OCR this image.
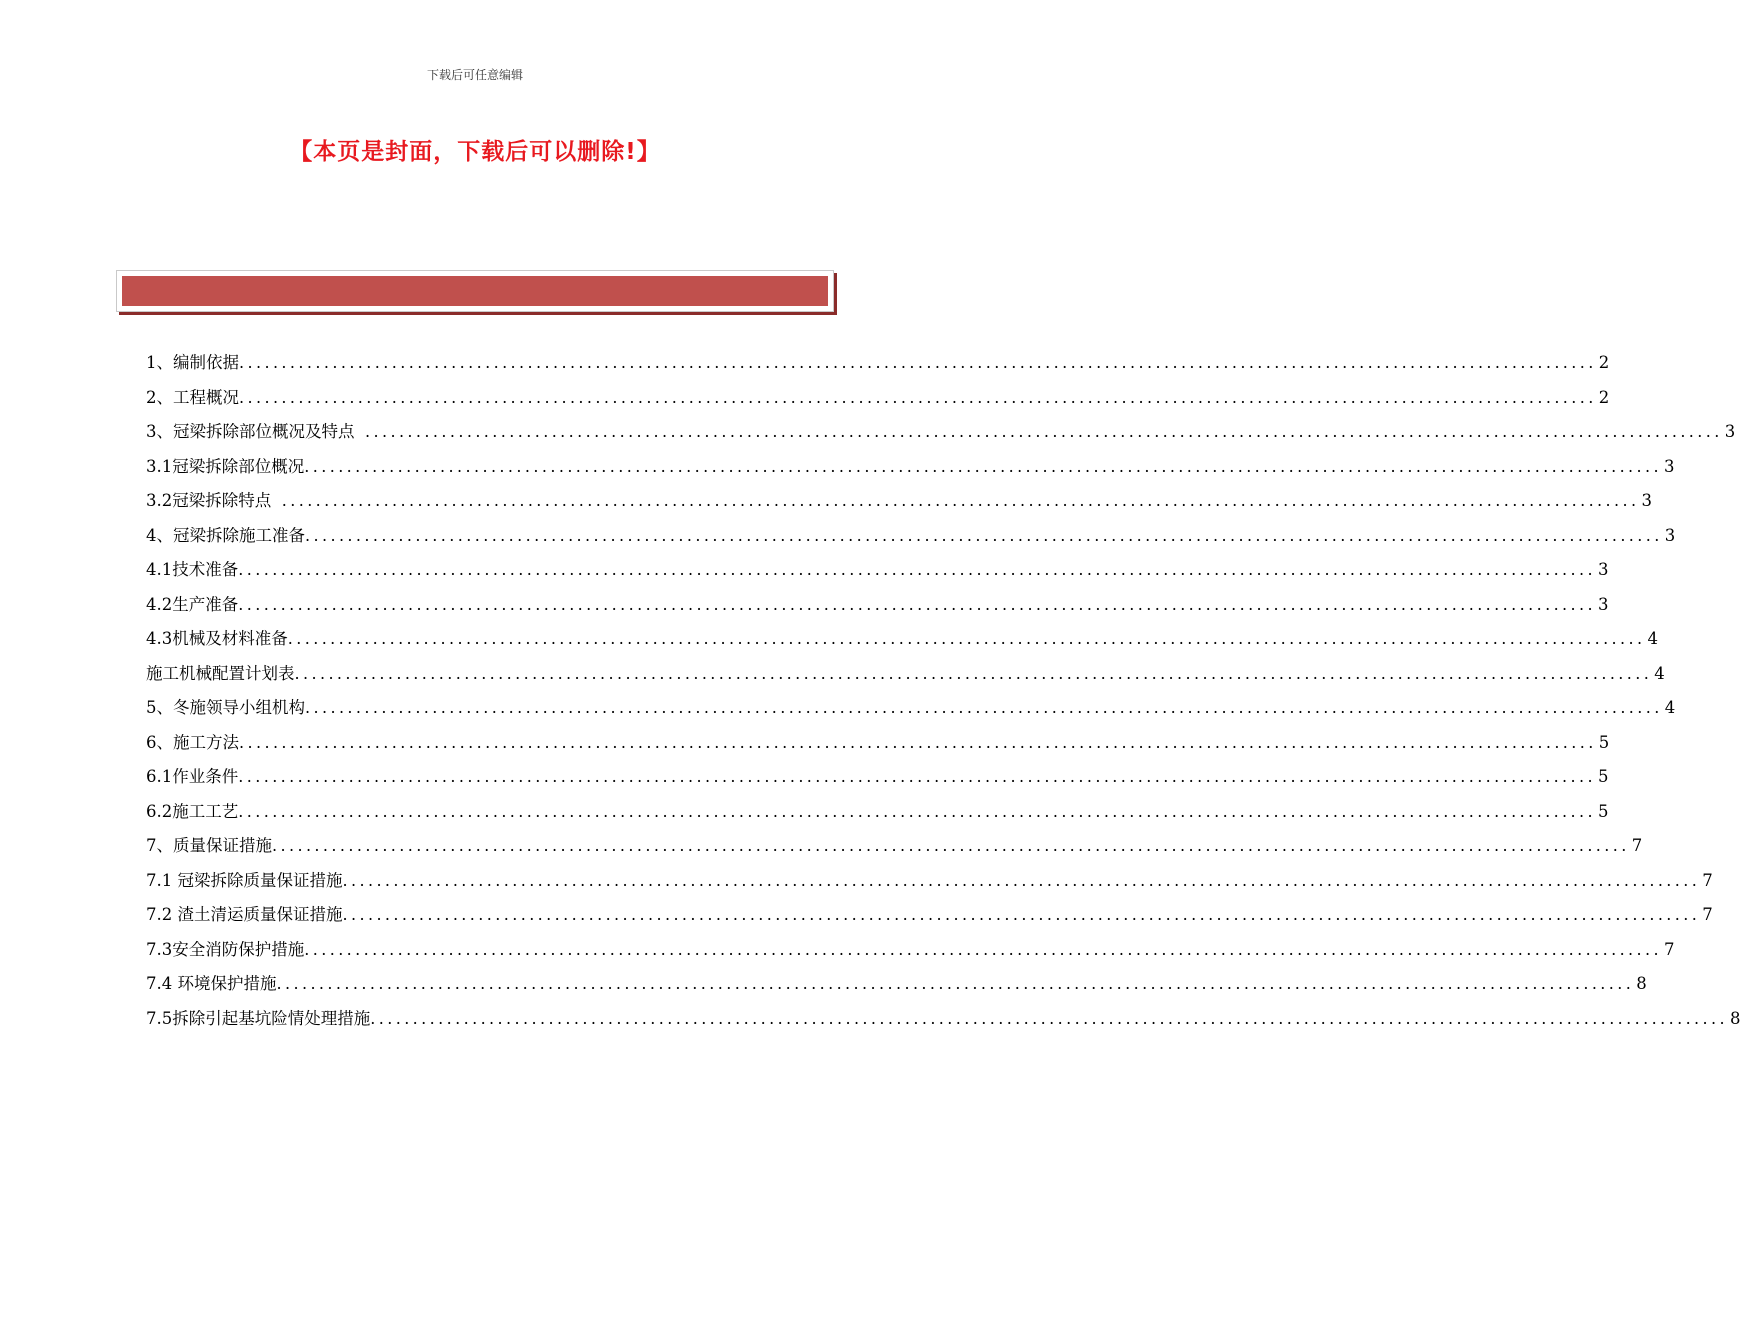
下载后可任意编辑
【本页是封面，下载后可以删除!】
1、编制依据 ................................................................................................................................................................ 2
2、工程概况 ................................................................................................................................................................ 2
3、冠梁拆除部位概况及特点 ................................................................................................................................................................ 3
3.1冠梁拆除部位概况 ................................................................................................................................................................ 3
3.2冠梁拆除特点 ................................................................................................................................................................ 3
4、冠梁拆除施工准备 ................................................................................................................................................................ 3
4.1技术准备 ................................................................................................................................................................ 3
4.2生产准备 ................................................................................................................................................................ 3
4.3机械及材料准备 ................................................................................................................................................................ 4
施工机械配置计划表 ................................................................................................................................................................ 4
5、冬施领导小组机构 ................................................................................................................................................................ 4
6、施工方法 ................................................................................................................................................................ 5
6.1作业条件 ................................................................................................................................................................ 5
6.2施工工艺 ................................................................................................................................................................ 5
7、质量保证措施 ................................................................................................................................................................ 7
7.1 冠梁拆除质量保证措施 ................................................................................................................................................................ 7
7.2 渣土清运质量保证措施 ................................................................................................................................................................ 7
7.3安全消防保护措施 ................................................................................................................................................................ 7
7.4 环境保护措施 ................................................................................................................................................................ 8
7.5拆除引起基坑险情处理措施 ................................................................................................................................................................ 8
